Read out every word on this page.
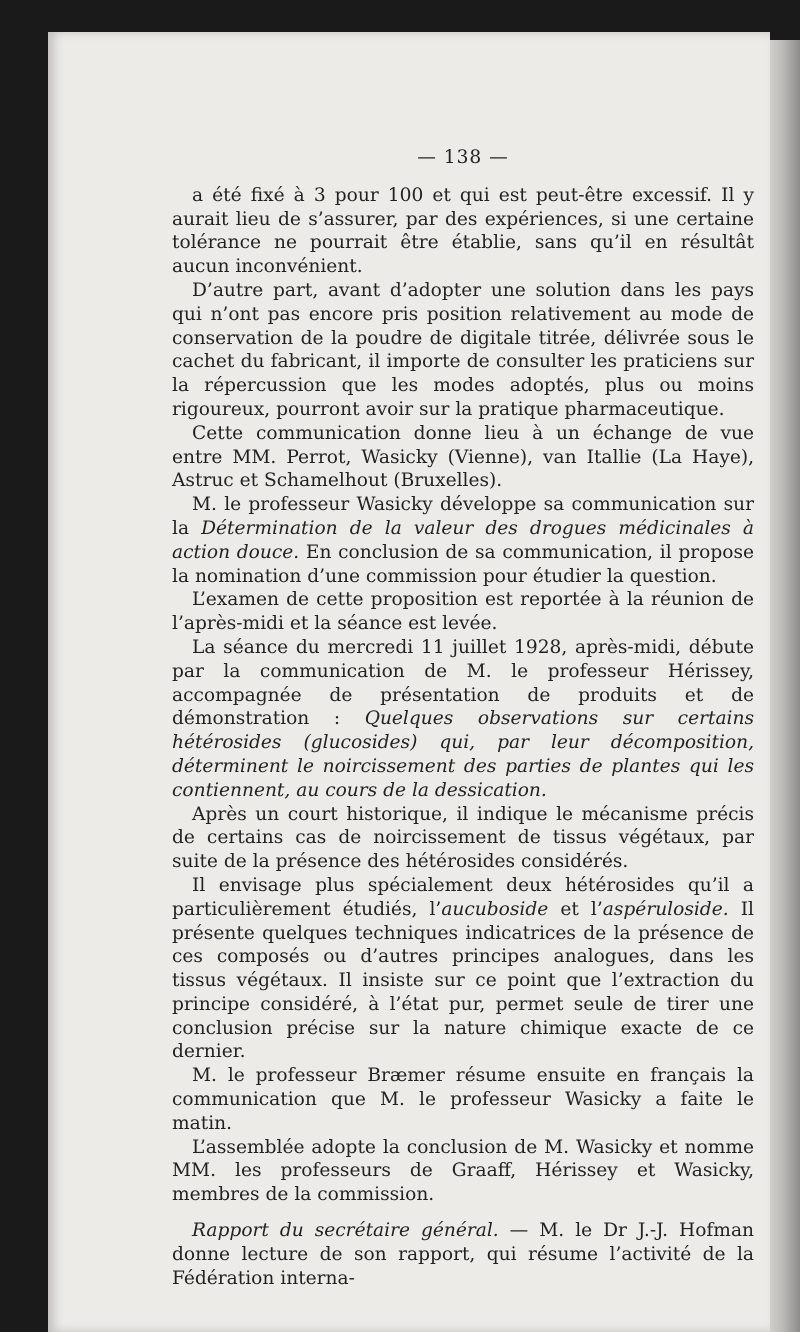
— 138 —

a été fixé à 3 pour 100 et qui est peut-être excessif. Il y aurait lieu de s’assurer, par des expériences, si une certaine tolérance ne pourrait être établie, sans qu’il en résultât aucun inconvénient.

D’autre part, avant d’adopter une solution dans les pays qui n’ont pas encore pris position relativement au mode de conservation de la poudre de digitale titrée, délivrée sous le cachet du fabricant, il importe de consulter les praticiens sur la répercussion que les modes adoptés, plus ou moins rigoureux, pourront avoir sur la pratique pharmaceutique.

Cette communication donne lieu à un échange de vue entre MM. Perrot, Wasicky (Vienne), van Itallie (La Haye), Astruc et Schamelhout (Bruxelles).

M. le professeur Wasicky développe sa communication sur la Détermination de la valeur des drogues médicinales à action douce. En conclusion de sa communication, il propose la nomination d’une commission pour étudier la question.

L’examen de cette proposition est reportée à la réunion de l’après-midi et la séance est levée.

La séance du mercredi 11 juillet 1928, après-midi, débute par la communication de M. le professeur Hérissey, accompagnée de présentation de produits et de démonstration : Quelques observations sur certains hétérosides (glucosides) qui, par leur décomposition, déterminent le noircissement des parties de plantes qui les contiennent, au cours de la dessication.

Après un court historique, il indique le mécanisme précis de certains cas de noircissement de tissus végétaux, par suite de la présence des hétérosides considérés.

Il envisage plus spécialement deux hétérosides qu’il a particulièrement étudiés, l’aucuboside et l’aspéruloside. Il présente quelques techniques indicatrices de la présence de ces composés ou d’autres principes analogues, dans les tissus végétaux. Il insiste sur ce point que l’extraction du principe considéré, à l’état pur, permet seule de tirer une conclusion précise sur la nature chimique exacte de ce dernier.

M. le professeur Bræmer résume ensuite en français la communication que M. le professeur Wasicky a faite le matin.

L’assemblée adopte la conclusion de M. Wasicky et nomme MM. les professeurs de Graaff, Hérissey et Wasicky, membres de la commission.

Rapport du secrétaire général. — M. le Dr J.-J. Hofman donne lecture de son rapport, qui résume l’activité de la Fédération interna-
